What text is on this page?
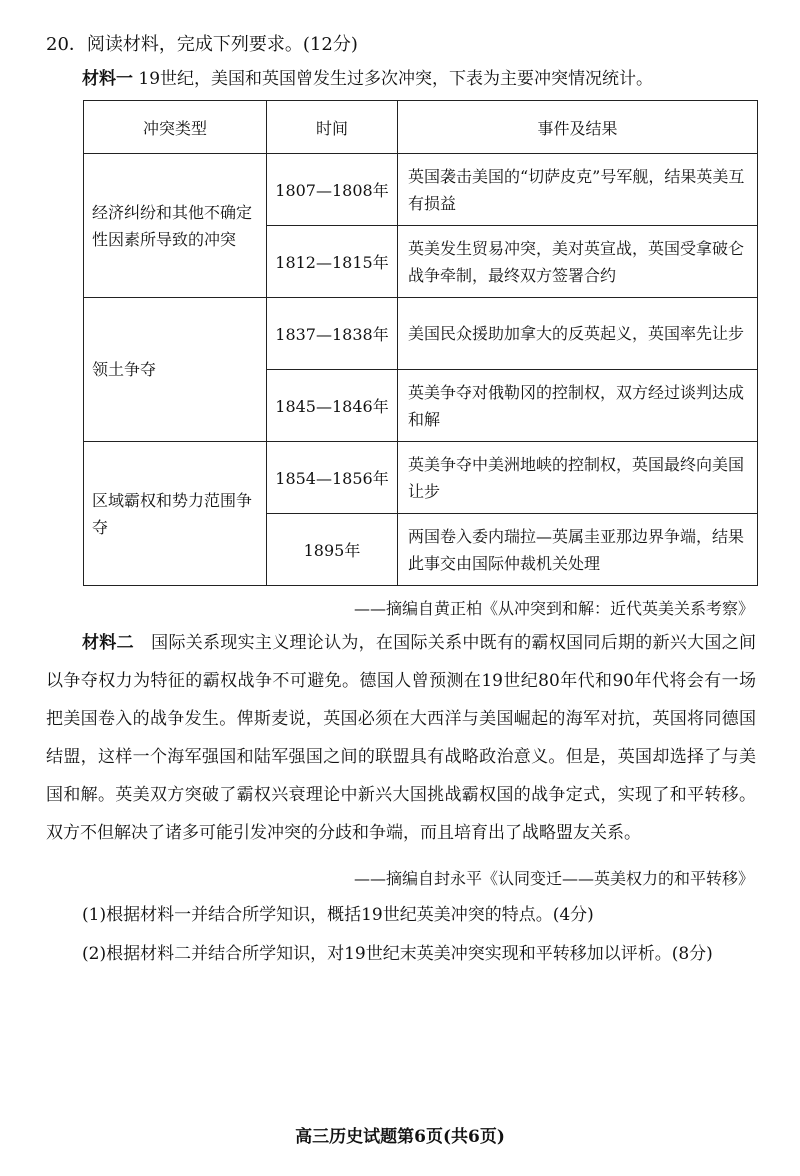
20．阅读材料，完成下列要求。(12分)
材料一 19世纪，美国和英国曾发生过多次冲突，下表为主要冲突情况统计。
冲突类型	时间	事件及结果
经济纠纷和其他不确定性因素所导致的冲突	1807—1808年	英国袭击美国的“切萨皮克”号军舰，结果英美互有损益
	1812—1815年	英美发生贸易冲突，美对英宣战，英国受拿破仑战争牵制，最终双方签署合约
领土争夺	1837—1838年	美国民众援助加拿大的反英起义，英国率先让步
	1845—1846年	英美争夺对俄勒冈的控制权，双方经过谈判达成和解
区域霸权和势力范围争夺	1854—1856年	英美争夺中美洲地峡的控制权，英国最终向美国让步
	1895年	两国卷入委内瑞拉—英属圭亚那边界争端，结果此事交由国际仲裁机关处理
——摘编自黄正柏《从冲突到和解：近代英美关系考察》

材料二　 国际关系现实主义理论认为，在国际关系中既有的霸权国同后期的新兴大国之间以争夺权力为特征的霸权战争不可避免。德国人曾预测在19世纪80年代和90年代将会有一场把美国卷入的战争发生。俾斯麦说，英国必须在大西洋与美国崛起的海军对抗，英国将同德国结盟，这样一个海军强国和陆军强国之间的联盟具有战略政治意义。但是，英国却选择了与美国和解。英美双方突破了霸权兴衰理论中新兴大国挑战霸权国的战争定式，实现了和平转移。双方不但解决了诸多可能引发冲突的分歧和争端，而且培育出了战略盟友关系。

——摘编自封永平《认同变迁——英美权力的和平转移》
(1)根据材料一并结合所学知识，概括19世纪英美冲突的特点。(4分)

(2)根据材料二并结合所学知识，对19世纪末英美冲突实现和平转移加以评析。(8分)

高三历史试题第6页(共6页)
